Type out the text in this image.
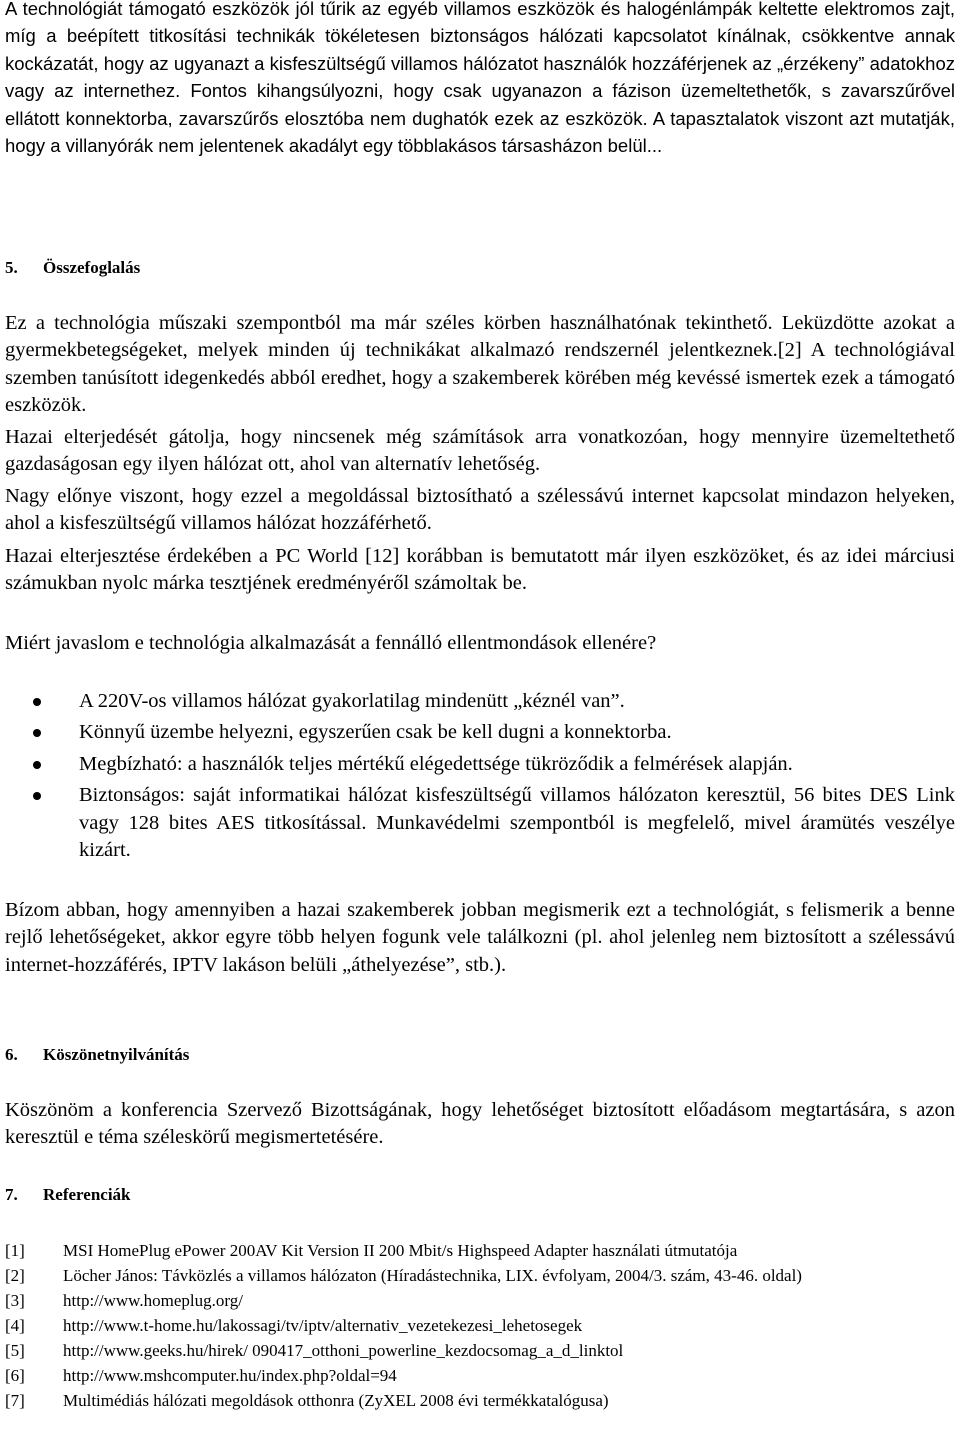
A technológiát támogató eszközök jól tűrik az egyéb villamos eszközök és halogénlámpák keltette elektromos zajt, míg a beépített titkosítási technikák tökéletesen biztonságos hálózati kapcsolatot kínálnak, csökkentve annak kockázatát, hogy az ugyanazt a kisfeszültségű villamos hálózatot használók hozzáférjenek az „érzékeny” adatokhoz vagy az internethez. Fontos kihangsúlyozni, hogy csak ugyanazon a fázison üzemeltethetők, s zavarszűrővel ellátott konnektorba, zavarszűrős elosztóba nem dughatók ezek az eszközök. A tapasztalatok viszont azt mutatják, hogy a villanyórák nem jelentenek akadályt egy többlakásos társasházon belül...

5. Összefoglalás

Ez a technológia műszaki szempontból ma már széles körben használhatónak tekinthető. Leküzdötte azokat a gyermekbetegségeket, melyek minden új technikákat alkalmazó rendszernél jelentkeznek.[2] A technológiával szemben tanúsított idegenkedés abból eredhet, hogy a szakemberek körében még kevéssé ismertek ezek a támogató eszközök.

Hazai elterjedését gátolja, hogy nincsenek még számítások arra vonatkozóan, hogy mennyire üzemeltethető gazdaságosan egy ilyen hálózat ott, ahol van alternatív lehetőség.

Nagy előnye viszont, hogy ezzel a megoldással biztosítható a szélessávú internet kapcsolat mindazon helyeken, ahol a kisfeszültségű villamos hálózat hozzáférhető.

Hazai elterjesztése érdekében a PC World [12] korábban is bemutatott már ilyen eszközöket, és az idei márciusi számukban nyolc márka tesztjének eredményéről számoltak be.

Miért javaslom e technológia alkalmazását a fennálló ellentmondások ellenére?

A 220V-os villamos hálózat gyakorlatilag mindenütt „kéznél van”.
Könnyű üzembe helyezni, egyszerűen csak be kell dugni a konnektorba.
Megbízható: a használók teljes mértékű elégedettsége tükröződik a felmérések alapján.
Biztonságos: saját informatikai hálózat kisfeszültségű villamos hálózaton keresztül, 56 bites DES Link vagy 128 bites AES titkosítással. Munkavédelmi szempontból is megfelelő, mivel áramütés veszélye kizárt.

Bízom abban, hogy amennyiben a hazai szakemberek jobban megismerik ezt a technológiát, s felismerik a benne rejlő lehetőségeket, akkor egyre több helyen fogunk vele találkozni (pl. ahol jelenleg nem biztosított a szélessávú internet-hozzáférés, IPTV lakáson belüli „áthelyezése”, stb.).

6. Köszönetnyilvánítás

Köszönöm a konferencia Szervező Bizottságának, hogy lehetőséget biztosított előadásom megtartására, s azon keresztül e téma széleskörű megismertetésére.

7. Referenciák
[1] MSI HomePlug ePower 200AV Kit Version II 200 Mbit/s Highspeed Adapter használati útmutatója
[2] Löcher János: Távközlés a villamos hálózaton (Híradástechnika, LIX. évfolyam, 2004/3. szám, 43-46. oldal)
[3] http://www.homeplug.org/
[4] http://www.t-home.hu/lakossagi/tv/iptv/alternativ_vezetekezesi_lehetosegek
[5] http://www.geeks.hu/hirek/ 090417_otthoni_powerline_kezdocsomag_a_d_linktol
[6] http://www.mshcomputer.hu/index.php?oldal=94
[7] Multimédiás hálózati megoldások otthonra (ZyXEL 2008 évi termékkatalógusa)
